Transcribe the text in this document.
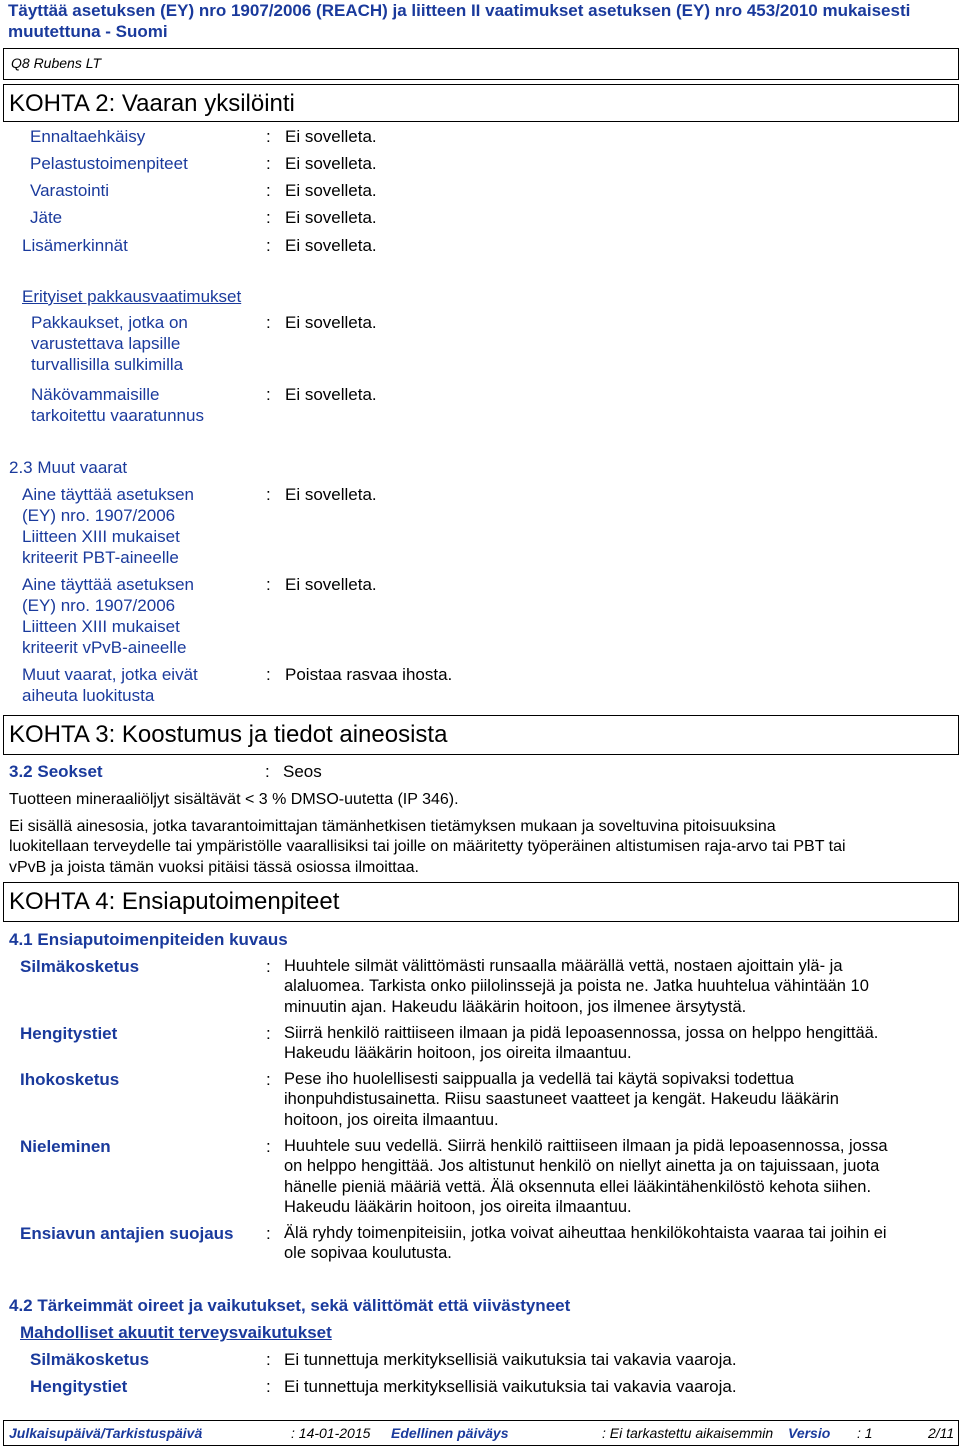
Täyttää asetuksen (EY) nro 1907/2006 (REACH) ja liitteen II vaatimukset asetuksen (EY) nro 453/2010 mukaisesti
muutettuna - Suomi
Q8 Rubens LT
KOHTA 2: Vaaran yksilöinti
Ennaltaehkäisy	: Ei sovelleta.
Pelastustoimenpiteet	: Ei sovelleta.
Varastointi	: Ei sovelleta.
Jäte	: Ei sovelleta.
Lisämerkinnät	: Ei sovelleta.
Erityiset pakkausvaatimukset
Pakkaukset, jotka on
varustettava lapsille
turvallisilla sulkimilla
: Ei sovelleta.
Näkövammaisille
tarkoitettu vaaratunnus
: Ei sovelleta.
2.3 Muut vaarat
Aine täyttää asetuksen
(EY) nro. 1907/2006
Liitteen XIII mukaiset
kriteerit PBT-aineelle
: Ei sovelleta.
Aine täyttää asetuksen
(EY) nro. 1907/2006
Liitteen XIII mukaiset
kriteerit vPvB-aineelle
: Ei sovelleta.
Muut vaarat, jotka eivät
aiheuta luokitusta
: Poistaa rasvaa ihosta.
KOHTA 3: Koostumus ja tiedot aineosista
3.2 Seokset	: Seos
Tuotteen mineraaliöljyt sisältävät < 3 % DMSO-uutetta (IP 346).
Ei sisällä ainesosia, jotka tavarantoimittajan tämänhetkisen tietämyksen mukaan ja soveltuvina pitoisuuksina
luokitellaan terveydelle tai ympäristölle vaarallisiksi tai joille on määritetty työperäinen altistumisen raja-arvo tai PBT tai
vPvB ja joista tämän vuoksi pitäisi tässä osiossa ilmoittaa.
KOHTA 4: Ensiaputoimenpiteet
4.1 Ensiaputoimenpiteiden kuvaus
Silmäkosketus	: Huuhtele silmät välittömästi runsaalla määrällä vettä, nostaen ajoittain ylä- ja
alaluomea. Tarkista onko piilolinssejä ja poista ne. Jatka huuhtelua vähintään 10
minuutin ajan. Hakeudu lääkärin hoitoon, jos ilmenee ärsytystä.
Hengitystiet	: Siirrä henkilö raittiiseen ilmaan ja pidä lepoasennossa, jossa on helppo hengittää.
Hakeudu lääkärin hoitoon, jos oireita ilmaantuu.
Ihokosketus	: Pese iho huolellisesti saippualla ja vedellä tai käytä sopivaksi todettua
ihonpuhdistusainetta. Riisu saastuneet vaatteet ja kengät. Hakeudu lääkärin
hoitoon, jos oireita ilmaantuu.
Nieleminen	: Huuhtele suu vedellä. Siirrä henkilö raittiiseen ilmaan ja pidä lepoasennossa, jossa
on helppo hengittää. Jos altistunut henkilö on niellyt ainetta ja on tajuissaan, juota
hänelle pieniä määriä vettä. Älä oksennuta ellei lääkintähenkilöstö kehota siihen.
Hakeudu lääkärin hoitoon, jos oireita ilmaantuu.
Ensiavun antajien suojaus : Älä ryhdy toimenpiteisiin, jotka voivat aiheuttaa henkilökohtaista vaaraa tai joihin ei
ole sopivaa koulutusta.
4.2 Tärkeimmät oireet ja vaikutukset, sekä välittömät että viivästyneet
Mahdolliset akuutit terveysvaikutukset
Silmäkosketus	: Ei tunnettuja merkityksellisiä vaikutuksia tai vakavia vaaroja.
Hengitystiet	: Ei tunnettuja merkityksellisiä vaikutuksia tai vakavia vaaroja.
Julkaisupäivä/Tarkistuspäivä	: 14-01-2015 Edellinen päiväys	: Ei tarkastettu aikaisemmin Versio : 1	2/11
